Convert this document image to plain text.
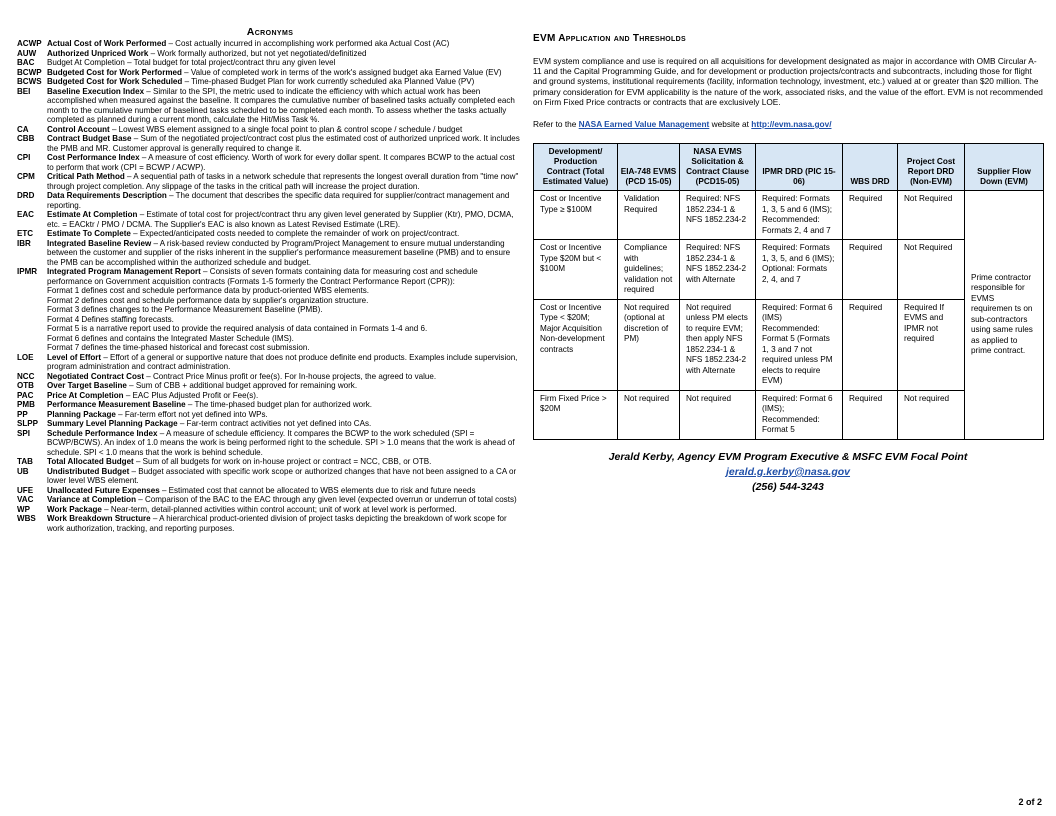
Acronyms
ACWP Actual Cost of Work Performed – Cost actually incurred in accomplishing work performed aka Actual Cost (AC)
AUW	Authorized Unpriced Work – Work formally authorized, but not yet negotiated/definitized
BAC	Budget At Completion – Total budget for total project/contract thru any given level
BCWP Budgeted Cost for Work Performed – Value of completed work in terms of the work's assigned budget aka Earned Value (EV)
BCWS Budgeted Cost for Work Scheduled – Time-phased Budget Plan for work currently scheduled aka Planned Value (PV)
BEI	Baseline Execution Index – Similar to the SPI, the metric used to indicate the efficiency with which actual work has been accomplished when measured against the baseline. It compares the cumulative number of baselined tasks actually completed each month to the cumulative number of baselined tasks scheduled to be completed each month. To assess whether the tasks actually completed as planned during a current month, calculate the Hit/Miss Task %.
CA	Control Account – Lowest WBS element assigned to a single focal point to plan & control scope / schedule / budget
CBB	Contract Budget Base – Sum of the negotiated project/contract cost plus the estimated cost of authorized unpriced work. It includes the PMB and MR. Customer approval is generally required to change it.
CPI	Cost Performance Index – A measure of cost efficiency. Worth of work for every dollar spent. It compares BCWP to the actual cost to perform that work (CPI = BCWP / ACWP).
CPM	Critical Path Method – A sequential path of tasks in a network schedule that represents the longest overall duration from "time now" through project completion. Any slippage of the tasks in the critical path will increase the project duration.
DRD	Data Requirements Description – The document that describes the specific data required for supplier/contract management and reporting.
EAC	Estimate At Completion – Estimate of total cost for project/contract thru any given level generated by Supplier (Ktr), PMO, DCMA, etc. = EACktr / PMO / DCMA. The Supplier's EAC is also known as Latest Revised Estimate (LRE).
ETC	Estimate To Complete – Expected/anticipated costs needed to complete the remainder of work on project/contract.
IBR	Integrated Baseline Review – A risk-based review conducted by Program/Project Management to ensure mutual understanding between the customer and supplier of the risks inherent in the supplier's performance measurement baseline (PMB) and to ensure the PMB can be accomplished within the authorized schedule and budget.
IPMR	Integrated Program Management Report – Consists of seven formats containing data for measuring cost and schedule performance on Government acquisition contracts (Formats 1-5 formerly the Contract Performance Report (CPR)):
Format 1 defines cost and schedule performance data by product-oriented WBS elements.
Format 2 defines cost and schedule performance data by supplier's organization structure.
Format 3 defines changes to the Performance Measurement Baseline (PMB).
Format 4 Defines staffing forecasts.
Format 5 is a narrative report used to provide the required analysis of data contained in Formats 1-4 and 6.
Format 6 defines and contains the Integrated Master Schedule (IMS).
Format 7 defines the time-phased historical and forecast cost submission.
LOE	Level of Effort – Effort of a general or supportive nature that does not produce definite end products. Examples include supervision, program administration and contract administration.
NCC	Negotiated Contract Cost – Contract Price Minus profit or fee(s). For In-house projects, the agreed to value.
OTB	Over Target Baseline – Sum of CBB + additional budget approved for remaining work.
PAC	Price At Completion – EAC Plus Adjusted Profit or Fee(s).
PMB	Performance Measurement Baseline – The time-phased budget plan for authorized work.
PP	Planning Package – Far-term effort not yet defined into WPs.
SLPP	Summary Level Planning Package – Far-term contract activities not yet defined into CAs.
SPI	Schedule Performance Index – A measure of schedule efficiency. It compares the BCWP to the work scheduled (SPI = BCWP/BCWS). An index of 1.0 means the work is being performed right to the schedule. SPI > 1.0 means that the work is ahead of schedule. SPI < 1.0 means that the work is behind schedule.
TAB	Total Allocated Budget – Sum of all budgets for work on in-house project or contract = NCC, CBB, or OTB.
UB	Undistributed Budget – Budget associated with specific work scope or authorized changes that have not been assigned to a CA or lower level WBS element.
UFE	Unallocated Future Expenses – Estimated cost that cannot be allocated to WBS elements due to risk and future needs
VAC	Variance at Completion – Comparison of the BAC to the EAC through any given level (expected overrun or underrun of total costs)
WP	Work Package – Near-term, detail-planned activities within control account; unit of work at level work is performed.
WBS	Work Breakdown Structure – A hierarchical product-oriented division of project tasks depicting the breakdown of work scope for work authorization, tracking, and reporting purposes.
EVM Application and Thresholds

EVM system compliance and use is required on all acquisitions for development designated as major in accordance with OMB Circular A-11 and the Capital Programming Guide, and for development or production projects/contracts and subcontracts, including those for flight and ground systems, institutional requirements (facility, information technology, investment, etc.) valued at or greater than $20 million. The primary consideration for EVM applicability is the nature of the work, associated risks, and the value of the effort. EVM is not recommended on Firm Fixed Price contracts or contracts that are exclusively LOE.

Refer to the NASA Earned Value Management website at http://evm.nasa.gov/

Development/ Production Contract (Total Estimated Value)	EIA-748 EVMS (PCD 15-05)	NASA EVMS Solicitation & Contract Clause (PCD15-05)	IPMR DRD (PIC 15-06)	WBS DRD	Project Cost Report DRD (Non-EVM)	Supplier Flow Down (EVM)
Cost or Incentive Type ≥ $100M	Validation Required	Required: NFS 1852.234-1 & NFS 1852.234-2	Required: Formats 1, 3, 5 and 6 (IMS); Recommended: Formats 2, 4 and 7	Required	Not Required	Prime contractor responsible for EVMS requiremen ts on sub-contractors using same rules as applied to prime contract.
Cost or Incentive Type $20M but < $100M	Compliance with guidelines; validation not required	Required: NFS 1852.234-1 & NFS 1852.234-2 with Alternate	Required: Formats 1, 3, 5, and 6 (IMS); Optional: Formats 2, 4, and 7	Required	Not Required	
Cost or Incentive Type < $20M; Major Acquisition Non-development contracts	Not required (optional at discretion of PM)	Not required unless PM elects to require EVM; then apply NFS 1852.234-1 & NFS 1852.234-2 with Alternate	Required: Format 6 (IMS) Recommended: Format 5 (Formats 1, 3 and 7 not required unless PM elects to require EVM)	Required	Required If EVMS and IPMR not required	
Firm Fixed Price > $20M	Not required	Not required	Required: Format 6 (IMS); Recommended: Format 5	Required	Not required	
Jerald Kerby, Agency EVM Program Executive & MSFC EVM Focal Point
jerald.g.kerby@nasa.gov
(256) 544-3243
2 of 2
